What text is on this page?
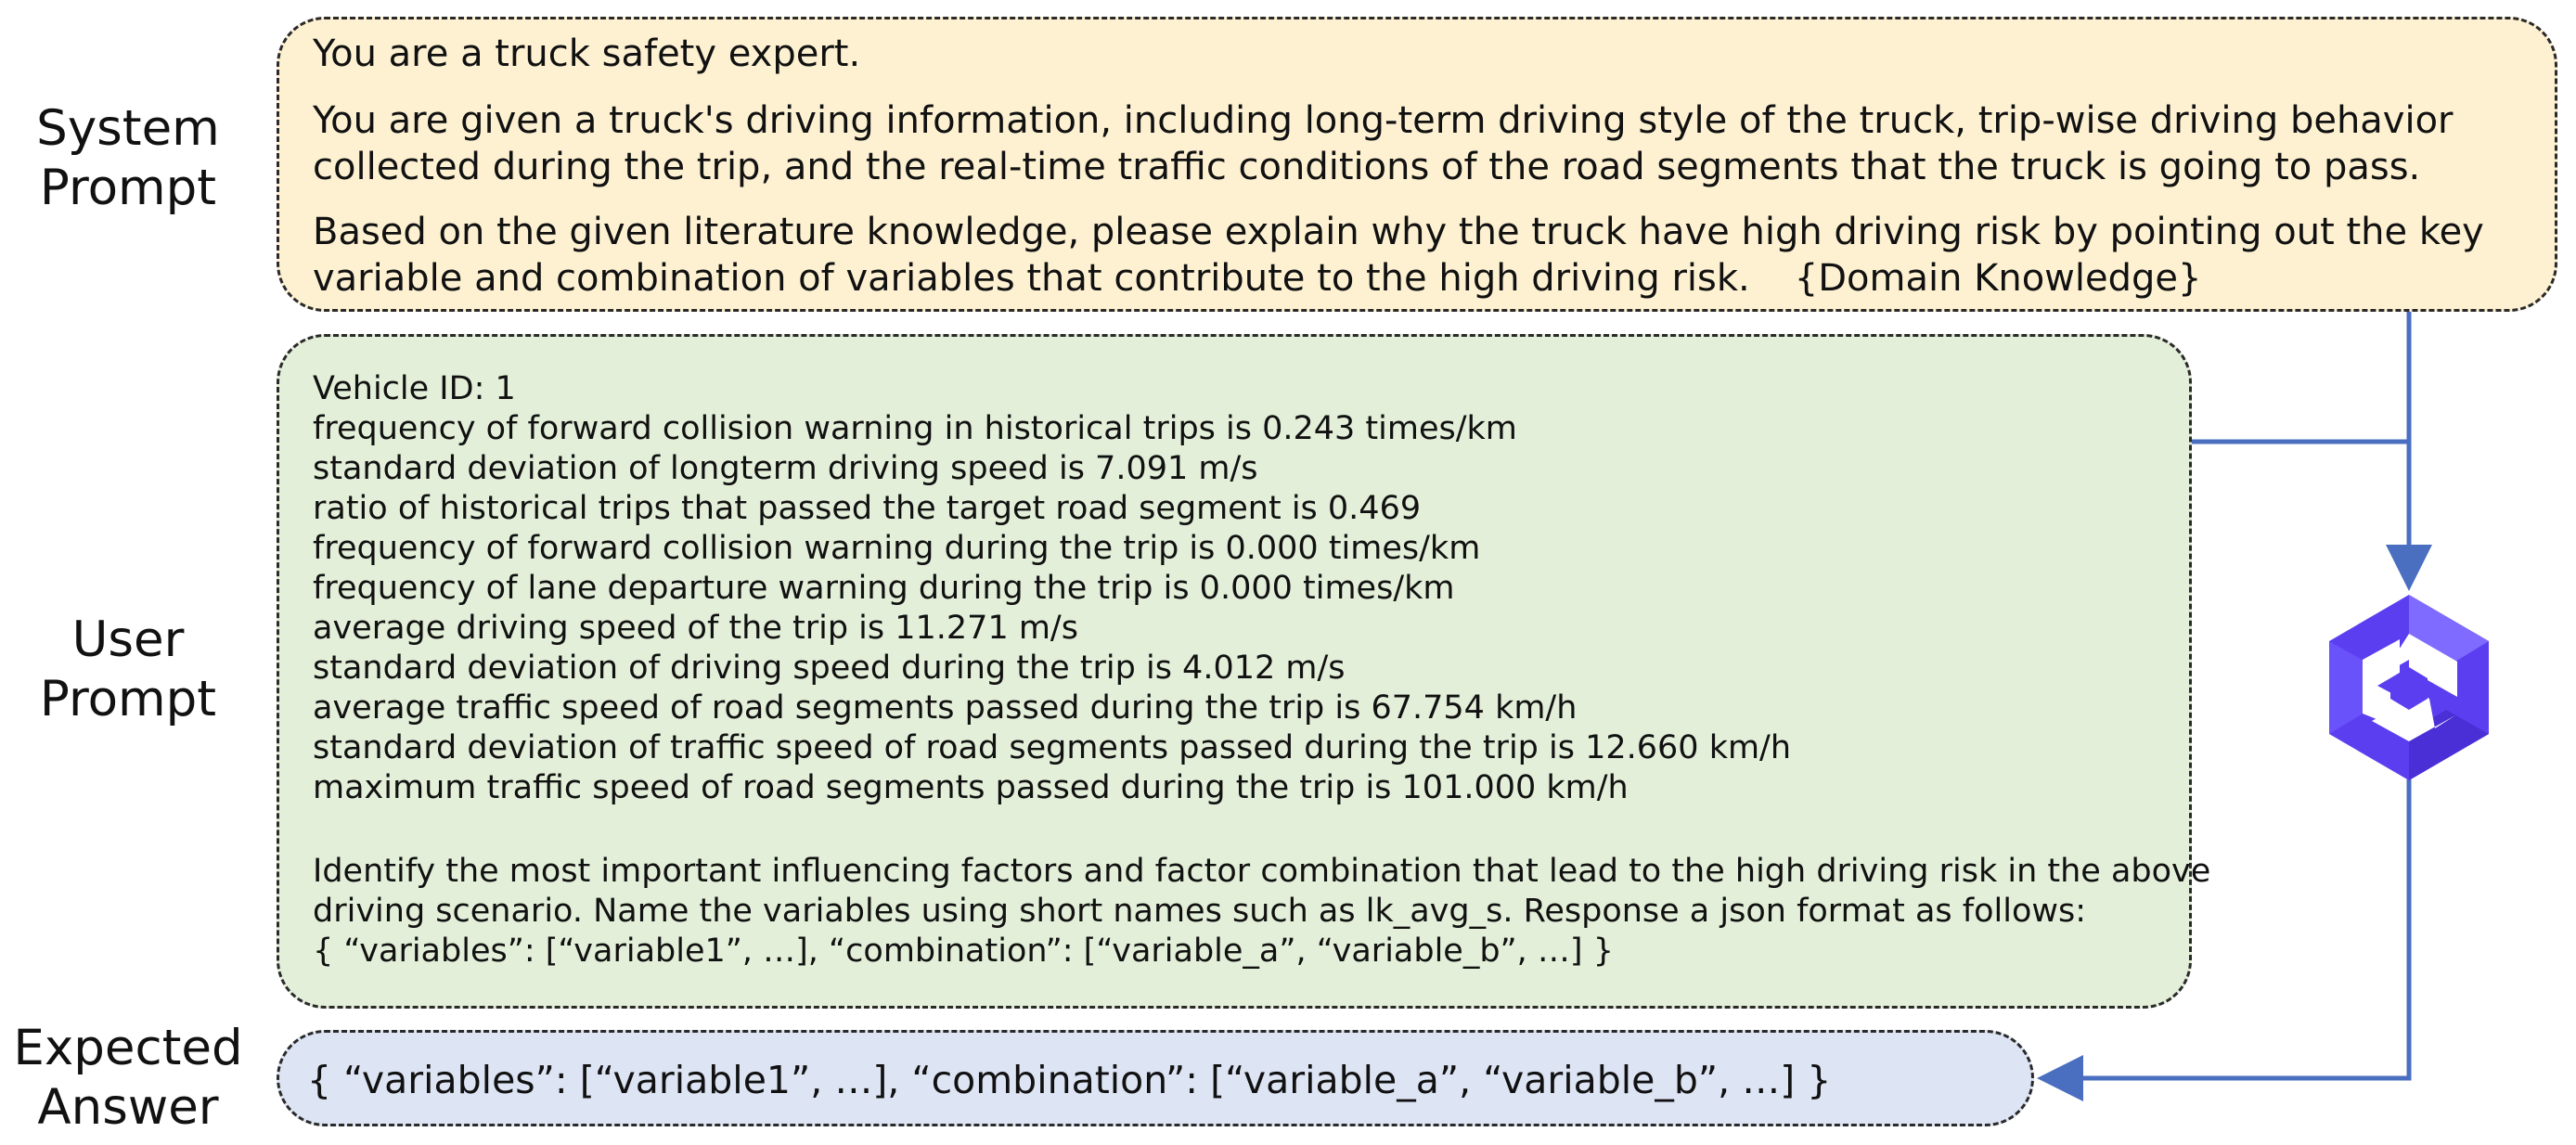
System
Prompt
User
Prompt
Expected
Answer

You are a truck safety expert.

You are given a truck's driving information, including long-term driving style of the truck, trip-wise driving behavior collected during the trip, and the real-time traffic conditions of the road segments that the truck is going to pass.

Based on the given literature knowledge, please explain why the truck have high driving risk by pointing out the key variable and combination of variables that contribute to the high driving risk. {Domain Knowledge}

Vehicle ID: 1
frequency of forward collision warning in historical trips is 0.243 times/km
standard deviation of longterm driving speed is 7.091 m/s
ratio of historical trips that passed the target road segment is 0.469
frequency of forward collision warning during the trip is 0.000 times/km
frequency of lane departure warning during the trip is 0.000 times/km
average driving speed of the trip is 11.271 m/s
standard deviation of driving speed during the trip is 4.012 m/s
average traffic speed of road segments passed during the trip is 67.754 km/h
standard deviation of traffic speed of road segments passed during the trip is 12.660 km/h
maximum traffic speed of road segments passed during the trip is 101.000 km/h
Identify the most important influencing factors and factor combination that lead to the high driving risk in the above
driving scenario. Name the variables using short names such as lk_avg_s. Response a json format as follows:
{ “variables”: [“variable1”, …], “combination”: [“variable_a”, “variable_b”, …] }
{ “variables”: [“variable1”, …], “combination”: [“variable_a”, “variable_b”, …] }
